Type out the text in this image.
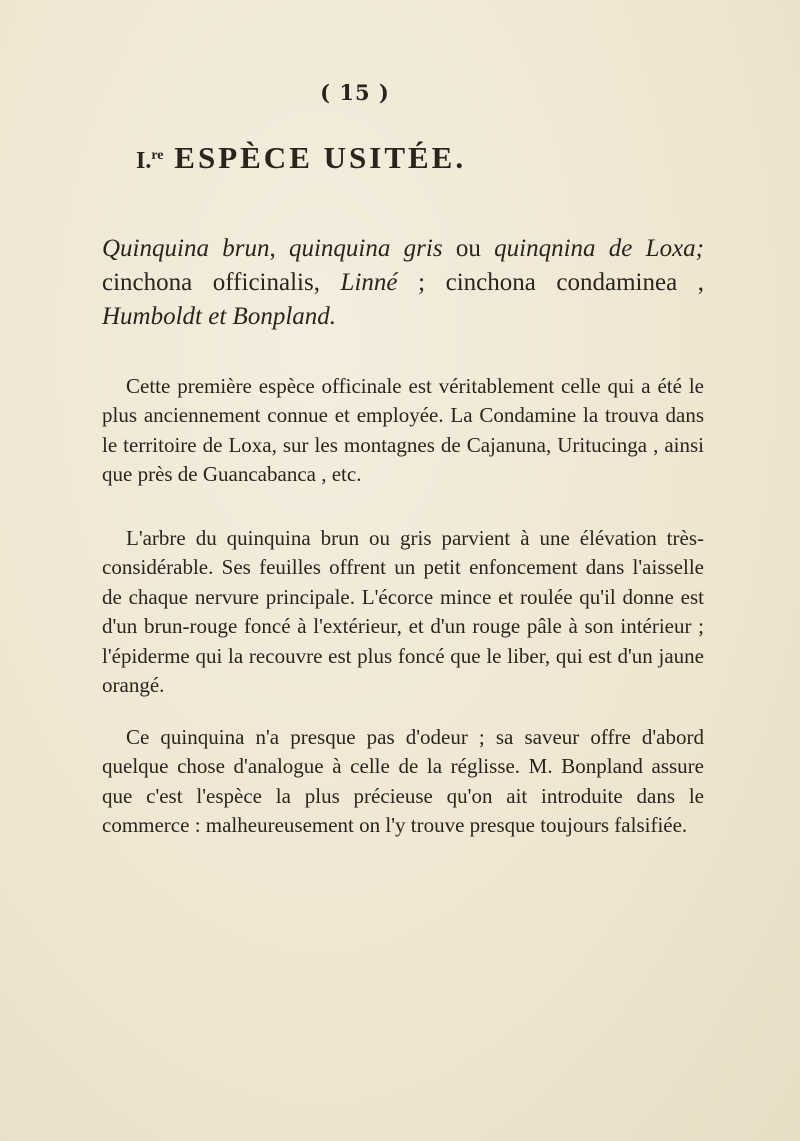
( 15 )
I.$^{re}$ ESPÈCE USITÉE.
Quinquina brun, quinquina gris ou quinqnina de Loxa; cinchona officinalis, Linné ; cinchona condaminea , Humboldt et Bonpland.

Cette première espèce officinale est véritablement celle qui a été le plus anciennement connue et employée. La Condamine la trouva dans le territoire de Loxa, sur les montagnes de Cajanuna, Uritucinga , ainsi que près de Guancabanca , etc.

L'arbre du quinquina brun ou gris parvient à une élévation très-considérable. Ses feuilles offrent un petit enfoncement dans l'aisselle de chaque nervure principale. L'écorce mince et roulée qu'il donne est d'un brun-rouge foncé à l'extérieur, et d'un rouge pâle à son intérieur ; l'épiderme qui la recouvre est plus foncé que le liber, qui est d'un jaune orangé.

Ce quinquina n'a presque pas d'odeur ; sa saveur offre d'abord quelque chose d'analogue à celle de la réglisse. M. Bonpland assure que c'est l'espèce la plus précieuse qu'on ait introduite dans le commerce : malheureusement on l'y trouve presque toujours falsifiée.
